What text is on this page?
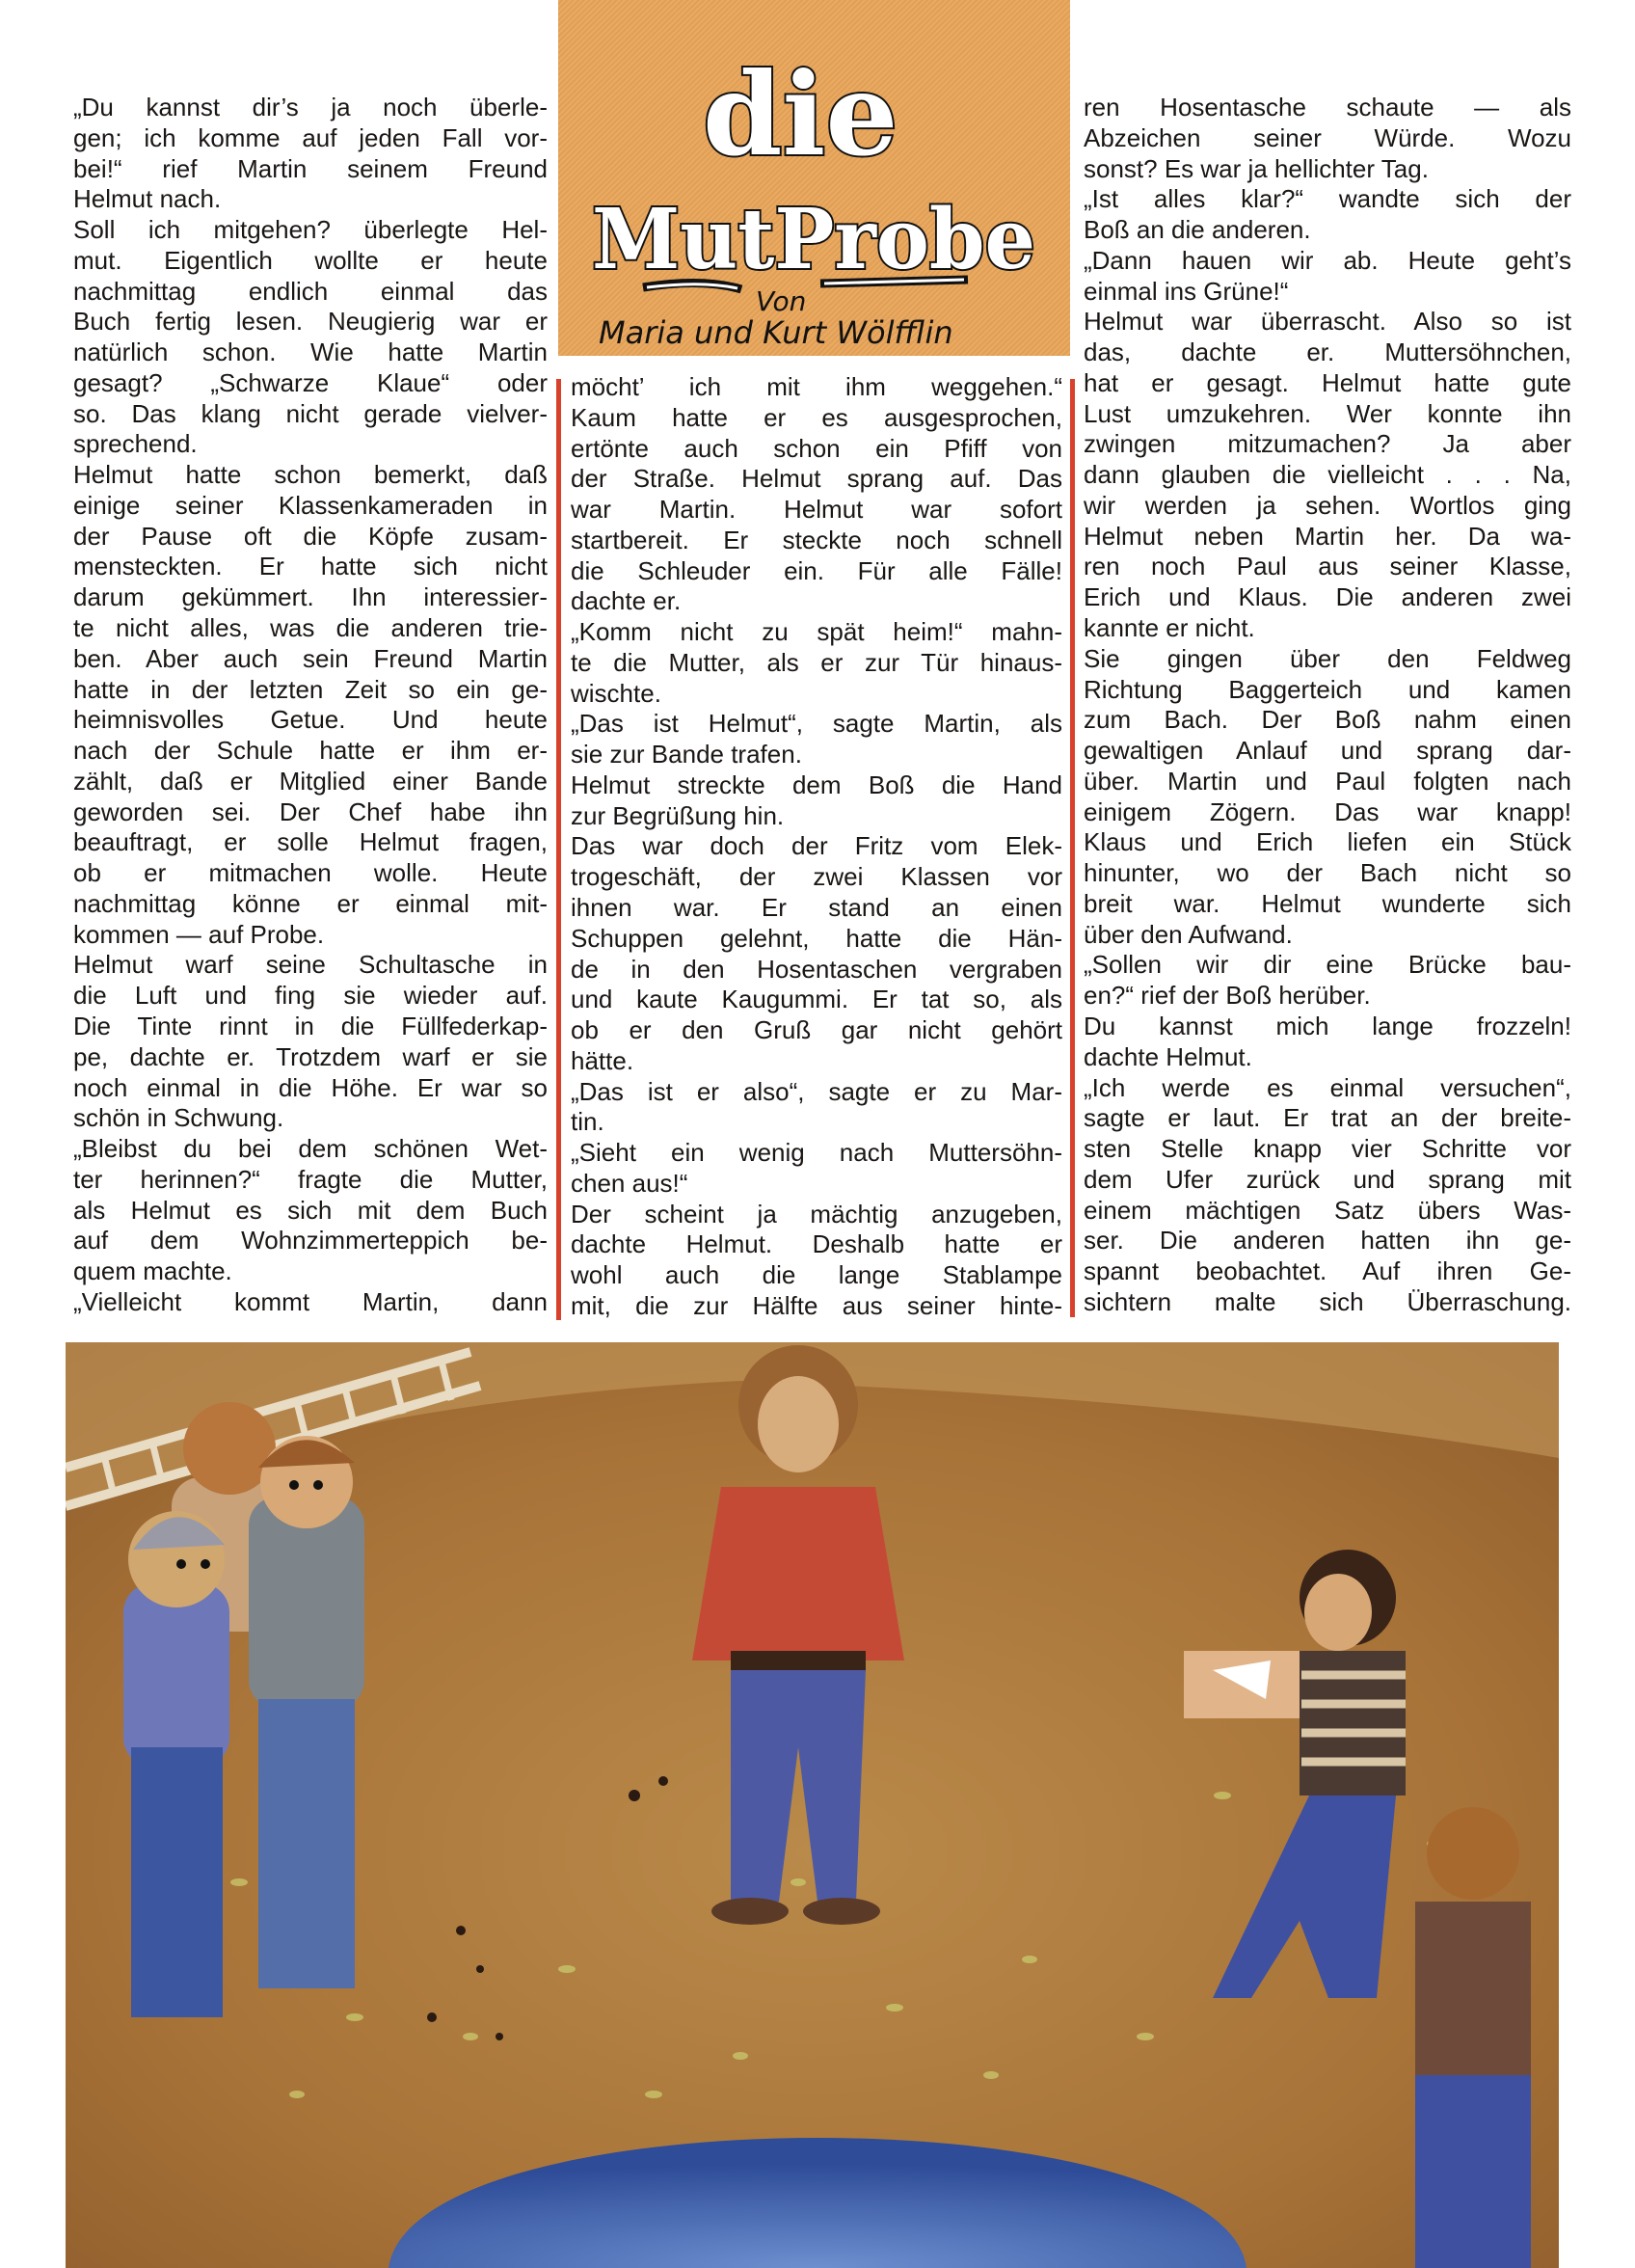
die
MutProbe
Von
Maria und Kurt Wölfflin
„Du kannst dir’s ja noch überle-
gen; ich komme auf jeden Fall vor-
bei!“ rief Martin seinem Freund
Helmut nach.
Soll ich mitgehen? überlegte Hel-
mut. Eigentlich wollte er heute
nachmittag endlich einmal das
Buch fertig lesen. Neugierig war er
natürlich schon. Wie hatte Martin
gesagt? „Schwarze Klaue“ oder
so. Das klang nicht gerade vielver-
sprechend.
Helmut hatte schon bemerkt, daß
einige seiner Klassenkameraden in
der Pause oft die Köpfe zusam-
mensteckten. Er hatte sich nicht
darum gekümmert. Ihn interessier-
te nicht alles, was die anderen trie-
ben. Aber auch sein Freund Martin
hatte in der letzten Zeit so ein ge-
heimnisvolles Getue. Und heute
nach der Schule hatte er ihm er-
zählt, daß er Mitglied einer Bande
geworden sei. Der Chef habe ihn
beauftragt, er solle Helmut fragen,
ob er mitmachen wolle. Heute
nachmittag könne er einmal mit-
kommen — auf Probe.
Helmut warf seine Schultasche in
die Luft und fing sie wieder auf.
Die Tinte rinnt in die Füllfederkap-
pe, dachte er. Trotzdem warf er sie
noch einmal in die Höhe. Er war so
schön in Schwung.
„Bleibst du bei dem schönen Wet-
ter herinnen?“ fragte die Mutter,
als Helmut es sich mit dem Buch
auf dem Wohnzimmerteppich be-
quem machte.
„Vielleicht kommt Martin, dann
möcht’ ich mit ihm weggehen.“
Kaum hatte er es ausgesprochen,
ertönte auch schon ein Pfiff von
der Straße. Helmut sprang auf. Das
war Martin. Helmut war sofort
startbereit. Er steckte noch schnell
die Schleuder ein. Für alle Fälle!
dachte er.
„Komm nicht zu spät heim!“ mahn-
te die Mutter, als er zur Tür hinaus-
wischte.
„Das ist Helmut“, sagte Martin, als
sie zur Bande trafen.
Helmut streckte dem Boß die Hand
zur Begrüßung hin.
Das war doch der Fritz vom Elek-
trogeschäft, der zwei Klassen vor
ihnen war. Er stand an einen
Schuppen gelehnt, hatte die Hän-
de in den Hosentaschen vergraben
und kaute Kaugummi. Er tat so, als
ob er den Gruß gar nicht gehört
hätte.
„Das ist er also“, sagte er zu Mar-
tin.
„Sieht ein wenig nach Muttersöhn-
chen aus!“
Der scheint ja mächtig anzugeben,
dachte Helmut. Deshalb hatte er
wohl auch die lange Stablampe
mit, die zur Hälfte aus seiner hinte-
ren Hosentasche schaute — als
Abzeichen seiner Würde. Wozu
sonst? Es war ja hellichter Tag.
„Ist alles klar?“ wandte sich der
Boß an die anderen.
„Dann hauen wir ab. Heute geht’s
einmal ins Grüne!“
Helmut war überrascht. Also so ist
das, dachte er. Muttersöhnchen,
hat er gesagt. Helmut hatte gute
Lust umzukehren. Wer konnte ihn
zwingen mitzumachen? Ja aber
dann glauben die vielleicht . . . Na,
wir werden ja sehen. Wortlos ging
Helmut neben Martin her. Da wa-
ren noch Paul aus seiner Klasse,
Erich und Klaus. Die anderen zwei
kannte er nicht.
Sie gingen über den Feldweg
Richtung Baggerteich und kamen
zum Bach. Der Boß nahm einen
gewaltigen Anlauf und sprang dar-
über. Martin und Paul folgten nach
einigem Zögern. Das war knapp!
Klaus und Erich liefen ein Stück
hinunter, wo der Bach nicht so
breit war. Helmut wunderte sich
über den Aufwand.
„Sollen wir dir eine Brücke bau-
en?“ rief der Boß herüber.
Du kannst mich lange frozzeln!
dachte Helmut.
„Ich werde es einmal versuchen“,
sagte er laut. Er trat an der breite-
sten Stelle knapp vier Schritte vor
dem Ufer zurück und sprang mit
einem mächtigen Satz übers Was-
ser. Die anderen hatten ihn ge-
spannt beobachtet. Auf ihren Ge-
sichtern malte sich Überraschung.
